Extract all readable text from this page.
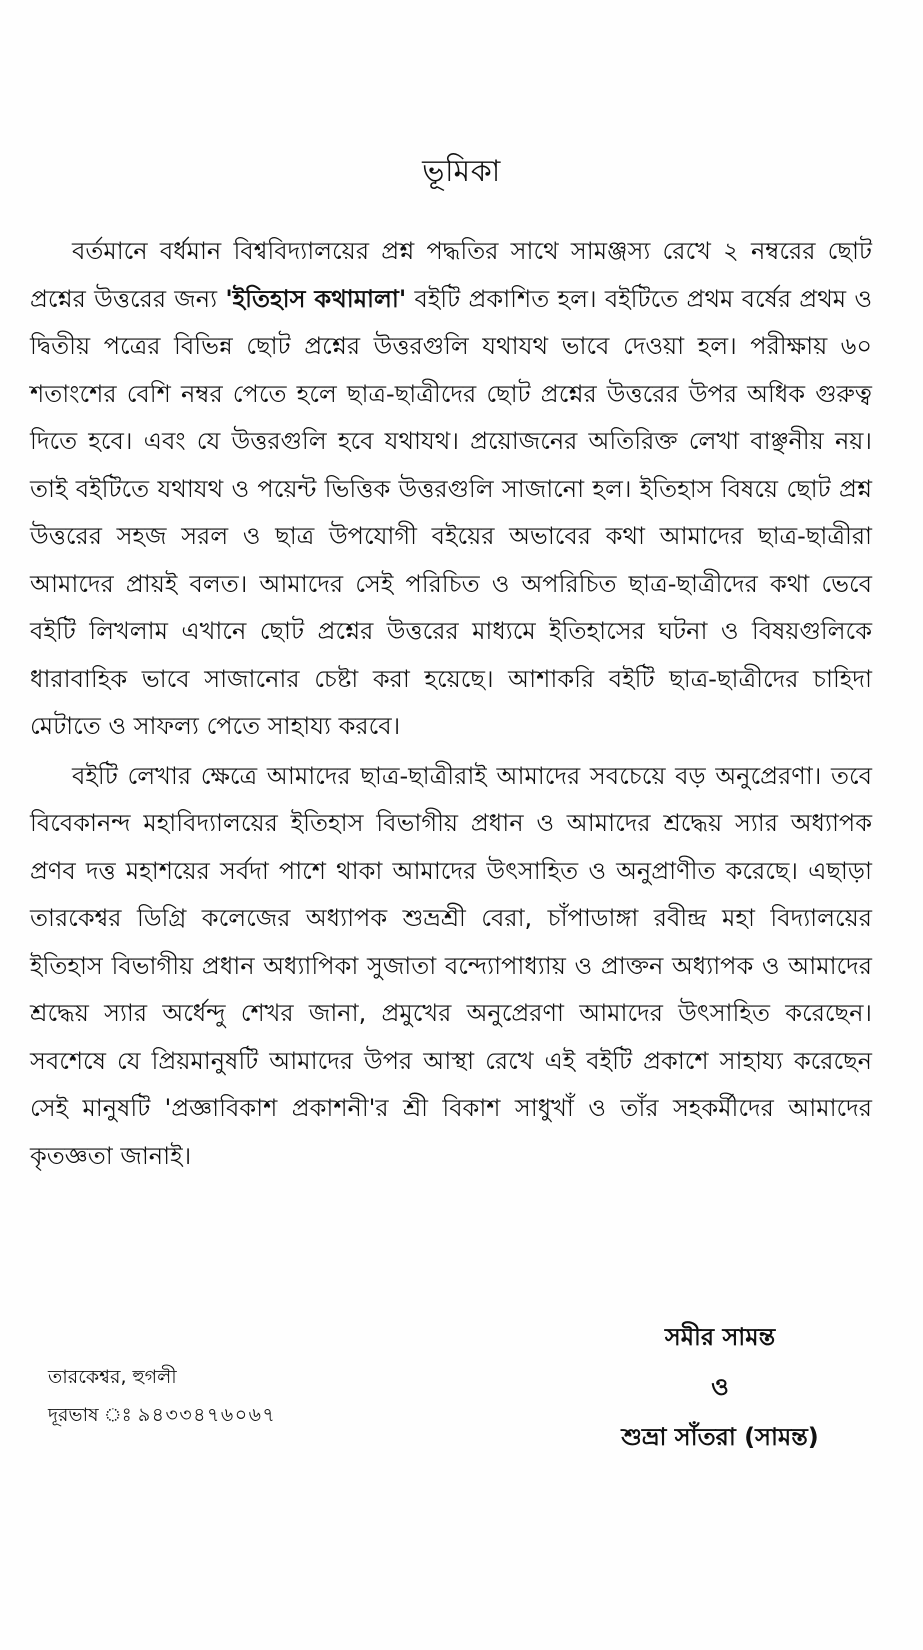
ভূমিকা

বর্তমানে বর্ধমান বিশ্ববিদ্যালয়ের প্রশ্ন পদ্ধতির সাথে সামঞ্জস্য রেখে ২ নম্বরের ছোট প্রশ্নের উত্তরের জন্য 'ইতিহাস কথামালা' বইটি প্রকাশিত হল। বইটিতে প্রথম বর্ষের প্রথম ও দ্বিতীয় পত্রের বিভিন্ন ছোট প্রশ্নের উত্তরগুলি যথাযথ ভাবে দেওয়া হল। পরীক্ষায় ৬০ শতাংশের বেশি নম্বর পেতে হলে ছাত্র-ছাত্রীদের ছোট প্রশ্নের উত্তরের উপর অধিক গুরুত্ব দিতে হবে। এবং যে উত্তরগুলি হবে যথাযথ। প্রয়োজনের অতিরিক্ত লেখা বাঞ্ছনীয় নয়। তাই বইটিতে যথাযথ ও পয়েন্ট ভিত্তিক উত্তরগুলি সাজানো হল। ইতিহাস বিষয়ে ছোট প্রশ্ন উত্তরের সহজ সরল ও ছাত্র উপযোগী বইয়ের অভাবের কথা আমাদের ছাত্র-ছাত্রীরা আমাদের প্রায়ই বলত। আমাদের সেই পরিচিত ও অপরিচিত ছাত্র-ছাত্রীদের কথা ভেবে বইটি লিখলাম এখানে ছোট প্রশ্নের উত্তরের মাধ্যমে ইতিহাসের ঘটনা ও বিষয়গুলিকে ধারাবাহিক ভাবে সাজানোর চেষ্টা করা হয়েছে। আশাকরি বইটি ছাত্র-ছাত্রীদের চাহিদা মেটাতে ও সাফল্য পেতে সাহায্য করবে।

বইটি লেখার ক্ষেত্রে আমাদের ছাত্র-ছাত্রীরাই আমাদের সবচেয়ে বড় অনুপ্রেরণা। তবে বিবেকানন্দ মহাবিদ্যালয়ের ইতিহাস বিভাগীয় প্রধান ও আমাদের শ্রদ্ধেয় স্যার অধ্যাপক প্রণব দত্ত মহাশয়ের সর্বদা পাশে থাকা আমাদের উৎসাহিত ও অনুপ্রাণীত করেছে। এছাড়া তারকেশ্বর ডিগ্রি কলেজের অধ্যাপক শুভ্রশ্রী বেরা, চাঁপাডাঙ্গা রবীন্দ্র মহা বিদ্যালয়ের ইতিহাস বিভাগীয় প্রধান অধ্যাপিকা সুজাতা বন্দ্যোপাধ্যায় ও প্রাক্তন অধ্যাপক ও আমাদের শ্রদ্ধেয় স্যার অর্ধেন্দু শেখর জানা, প্রমুখের অনুপ্রেরণা আমাদের উৎসাহিত করেছেন। সবশেষে যে প্রিয়মানুষটি আমাদের উপর আস্থা রেখে এই বইটি প্রকাশে সাহায্য করেছেন সেই মানুষটি 'প্রজ্ঞাবিকাশ প্রকাশনী'র শ্রী বিকাশ সাধুখাঁ ও তাঁর সহকর্মীদের আমাদের কৃতজ্ঞতা জানাই।

তারকেশ্বর, হুগলী
দূরভাষ ৯৪৩৩৪৭৬০৬৭
সমীর সামন্ত
ও
শুভ্রা সাঁতরা (সামন্ত)
